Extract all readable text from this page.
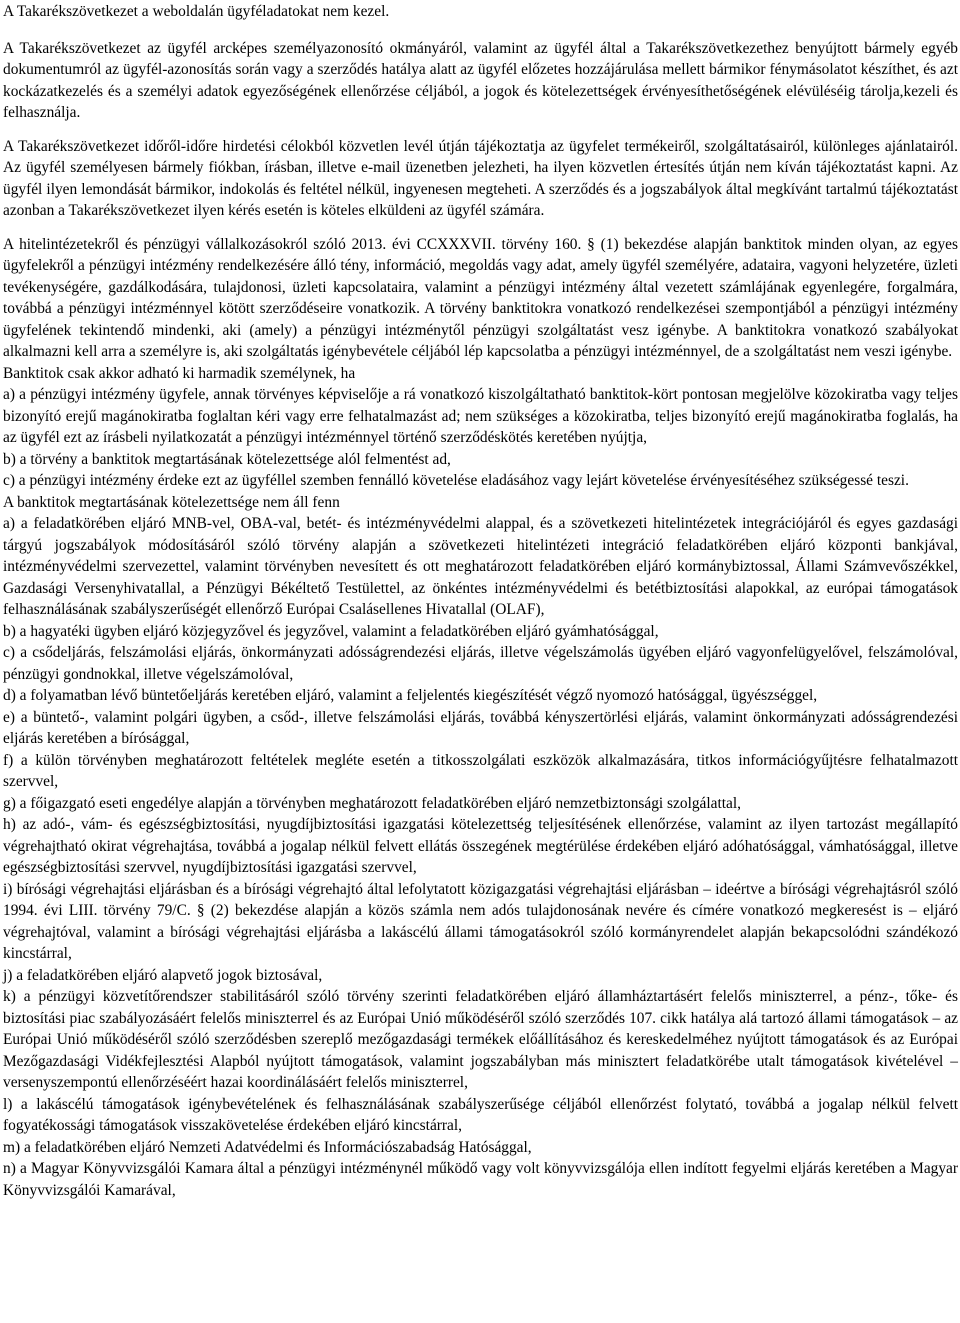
A Takarékszövetkezet a weboldalán ügyféladatokat nem kezel.

A Takarékszövetkezet az ügyfél arcképes személyazonosító okmányáról, valamint az ügyfél által a Takarékszövetkezethez benyújtott bármely egyéb dokumentumról az ügyfél-azonosítás során vagy a szerződés hatálya alatt az ügyfél előzetes hozzájárulása mellett bármikor fénymásolatot készíthet, és azt kockázatkezelés és a személyi adatok egyezőségének ellenőrzése céljából, a jogok és kötelezettségek érvényesíthetőségének elévüléséig tárolja,kezeli és felhasználja.

A Takarékszövetkezet időről-időre hirdetési célokból közvetlen levél útján tájékoztatja az ügyfelet termékeiről, szolgáltatásairól, különleges ajánlatairól. Az ügyfél személyesen bármely fiókban, írásban, illetve e-mail üzenetben jelezheti, ha ilyen közvetlen értesítés útján nem kíván tájékoztatást kapni. Az ügyfél ilyen lemondását bármikor, indokolás és feltétel nélkül, ingyenesen megteheti. A szerződés és a jogszabályok által megkívánt tartalmú tájékoztatást azonban a Takarékszövetkezet ilyen kérés esetén is köteles elküldeni az ügyfél számára.

A hitelintézetekről és pénzügyi vállalkozásokról szóló 2013. évi CCXXXVII. törvény 160. § (1) bekezdése alapján banktitok minden olyan, az egyes ügyfelekről a pénzügyi intézmény rendelkezésére álló tény, információ, megoldás vagy adat, amely ügyfél személyére, adataira, vagyoni helyzetére, üzleti tevékenységére, gazdálkodására, tulajdonosi, üzleti kapcsolataira, valamint a pénzügyi intézmény által vezetett számlájának egyenlegére, forgalmára, továbbá a pénzügyi intézménnyel kötött szerződéseire vonatkozik. A törvény banktitokra vonatkozó rendelkezései szempontjából a pénzügyi intézmény ügyfelének tekintendő mindenki, aki (amely) a pénzügyi intézménytől pénzügyi szolgáltatást vesz igénybe. A banktitokra vonatkozó szabályokat alkalmazni kell arra a személyre is, aki szolgáltatás igénybevétele céljából lép kapcsolatba a pénzügyi intézménnyel, de a szolgáltatást nem veszi igénybe.

Banktitok csak akkor adható ki harmadik személynek, ha

a) a pénzügyi intézmény ügyfele, annak törvényes képviselője a rá vonatkozó kiszolgáltatható banktitok-kört pontosan megjelölve közokiratba vagy teljes bizonyító erejű magánokiratba foglaltan kéri vagy erre felhatalmazást ad; nem szükséges a közokiratba, teljes bizonyító erejű magánokiratba foglalás, ha az ügyfél ezt az írásbeli nyilatkozatát a pénzügyi intézménnyel történő szerződéskötés keretében nyújtja,

b) a törvény a banktitok megtartásának kötelezettsége alól felmentést ad,

c) a pénzügyi intézmény érdeke ezt az ügyféllel szemben fennálló követelése eladásához vagy lejárt követelése érvényesítéséhez szükségessé teszi.

A banktitok megtartásának kötelezettsége nem áll fenn

a) a feladatkörében eljáró MNB-vel, OBA-val, betét- és intézményvédelmi alappal, és a szövetkezeti hitelintézetek integrációjáról és egyes gazdasági tárgyú jogszabályok módosításáról szóló törvény alapján a szövetkezeti hitelintézeti integráció feladatkörében eljáró központi bankjával, intézményvédelmi szervezettel, valamint törvényben nevesített és ott meghatározott feladatkörében eljáró kormánybiztossal, Állami Számvevőszékkel, Gazdasági Versenyhivatallal, a Pénzügyi Békéltető Testülettel, az önkéntes intézményvédelmi és betétbiztosítási alapokkal, az európai támogatások felhasználásának szabályszerűségét ellenőrző Európai Csalásellenes Hivatallal (OLAF),

b) a hagyatéki ügyben eljáró közjegyzővel és jegyzővel, valamint a feladatkörében eljáró gyámhatósággal,

c) a csődeljárás, felszámolási eljárás, önkormányzati adósságrendezési eljárás, illetve végelszámolás ügyében eljáró vagyonfelügyelővel, felszámolóval, pénzügyi gondnokkal, illetve végelszámolóval,

d) a folyamatban lévő büntetőeljárás keretében eljáró, valamint a feljelentés kiegészítését végző nyomozó hatósággal, ügyészséggel,

e) a büntető-, valamint polgári ügyben, a csőd-, illetve felszámolási eljárás, továbbá kényszertörlési eljárás, valamint önkormányzati adósságrendezési eljárás keretében a bírósággal,

f) a külön törvényben meghatározott feltételek megléte esetén a titkosszolgálati eszközök alkalmazására, titkos információgyűjtésre felhatalmazott szervvel,

g) a főigazgató eseti engedélye alapján a törvényben meghatározott feladatkörében eljáró nemzetbiztonsági szolgálattal,

h) az adó-, vám- és egészségbiztosítási, nyugdíjbiztosítási igazgatási kötelezettség teljesítésének ellenőrzése, valamint az ilyen tartozást megállapító végrehajtható okirat végrehajtása, továbbá a jogalap nélkül felvett ellátás összegének megtérülése érdekében eljáró adóhatósággal, vámhatósággal, illetve egészségbiztosítási szervvel, nyugdíjbiztosítási igazgatási szervvel,

i) bírósági végrehajtási eljárásban és a bírósági végrehajtó által lefolytatott közigazgatási végrehajtási eljárásban – ideértve a bírósági végrehajtásról szóló 1994. évi LIII. törvény 79/C. § (2) bekezdése alapján a közös számla nem adós tulajdonosának nevére és címére vonatkozó megkeresést is – eljáró végrehajtóval, valamint a bírósági végrehajtási eljárásba a lakáscélú állami támogatásokról szóló kormányrendelet alapján bekapcsolódni szándékozó kincstárral,

j) a feladatkörében eljáró alapvető jogok biztosával,

k) a pénzügyi közvetítőrendszer stabilitásáról szóló törvény szerinti feladatkörében eljáró államháztartásért felelős miniszterrel, a pénz-, tőke- és biztosítási piac szabályozásáért felelős miniszterrel és az Európai Unió működéséről szóló szerződés 107. cikk hatálya alá tartozó állami támogatások – az Európai Unió működéséről szóló szerződésben szereplő mezőgazdasági termékek előállításához és kereskedelméhez nyújtott támogatások és az Európai Mezőgazdasági Vidékfejlesztési Alapból nyújtott támogatások, valamint jogszabályban más minisztert feladatkörébe utalt támogatások kivételével – versenyszempontú ellenőrzéséért hazai koordinálásáért felelős miniszterrel,

l) a lakáscélú támogatások igénybevételének és felhasználásának szabályszerűsége céljából ellenőrzést folytató, továbbá a jogalap nélkül felvett fogyatékossági támogatások visszakövetelése érdekében eljáró kincstárral,

m) a feladatkörében eljáró Nemzeti Adatvédelmi és Információszabadság Hatósággal,

n) a Magyar Könyvvizsgálói Kamara által a pénzügyi intézménynél működő vagy volt könyvvizsgálója ellen indított fegyelmi eljárás keretében a Magyar Könyvvizsgálói Kamarával,
